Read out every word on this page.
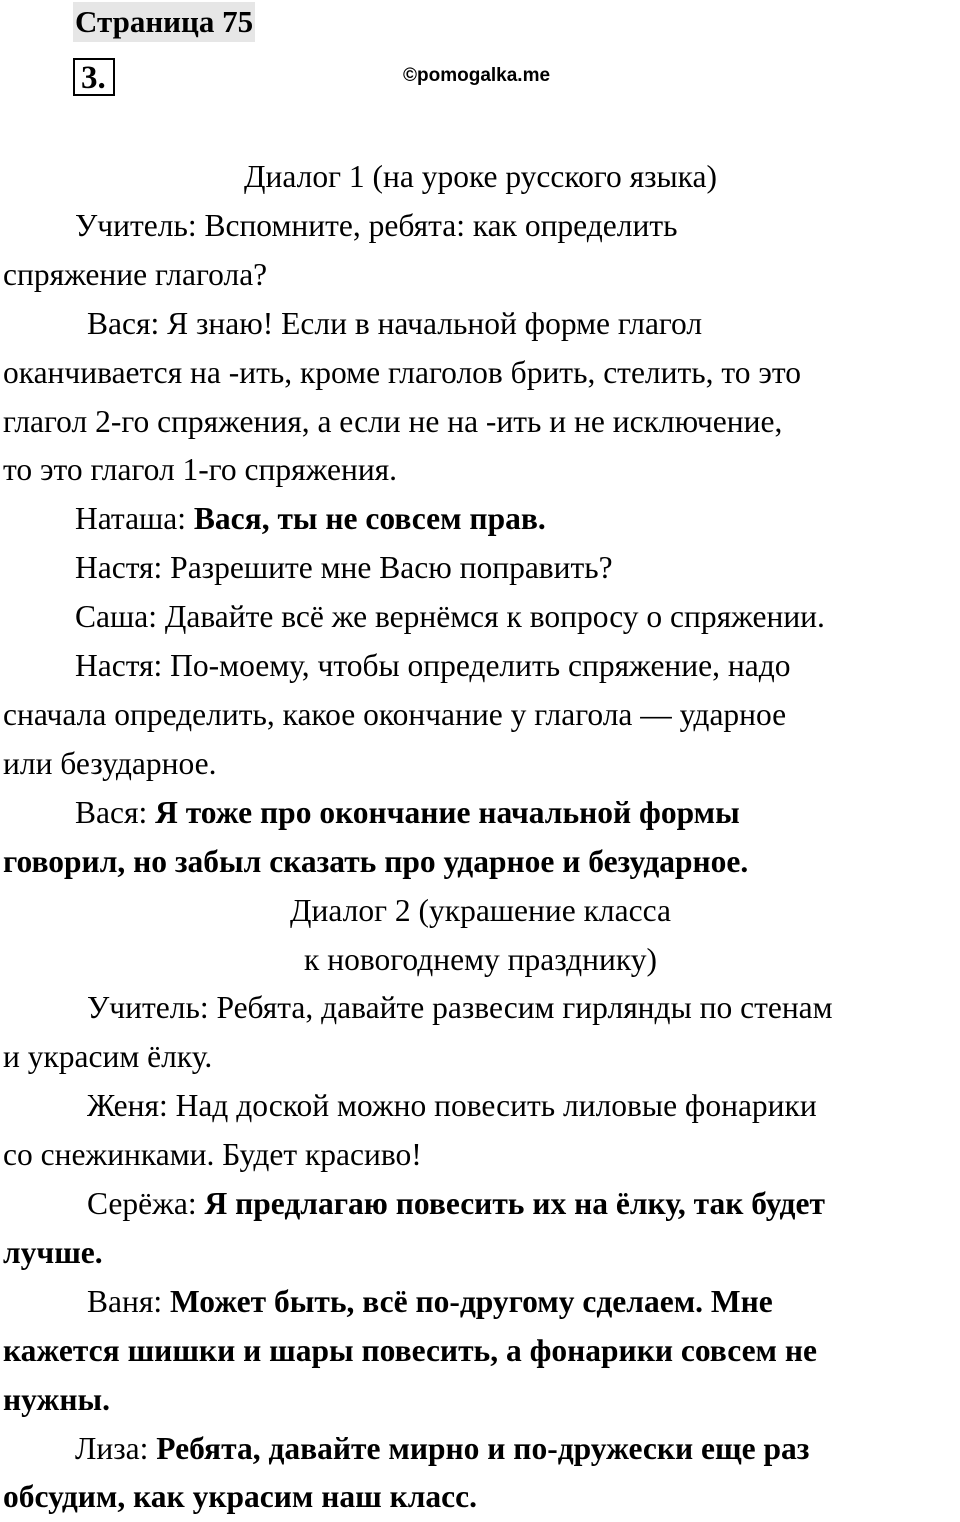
Страница 75
3.	©pomogalka.me

Диалог 1 (на уроке русского языка)

Учитель: Вспомните, ребята: как определить

спряжение глагола?

Вася: Я знаю! Если в начальной форме глагол

оканчивается на -ить, кроме глаголов брить, стелить, то это

глагол 2-го спряжения, а если не на -ить и не исключение,

то это глагол 1-го спряжения.

Наташа: Вася, ты не совсем прав.

Настя: Разрешите мне Васю поправить?

Саша: Давайте всё же вернёмся к вопросу о спряжении.

Настя: По-моему, чтобы определить спряжение, надо

сначала определить, какое окончание у глагола — ударное

или безударное.

Вася: Я тоже про окончание начальной формы

говорил, но забыл сказать про ударное и безударное.

Диалог 2 (украшение класса

к новогоднему празднику)

Учитель: Ребята, давайте развесим гирлянды по стенам

и украсим ёлку.

Женя: Над доской можно повесить лиловые фонарики

со снежинками. Будет красиво!

Серёжа: Я предлагаю повесить их на ёлку, так будет

лучше.

Ваня: Может быть, всё по-другому сделаем. Мне

кажется шишки и шары повесить, а фонарики совсем не

нужны.

Лиза: Ребята, давайте мирно и по-дружески еще раз

обсудим, как украсим наш класс.
